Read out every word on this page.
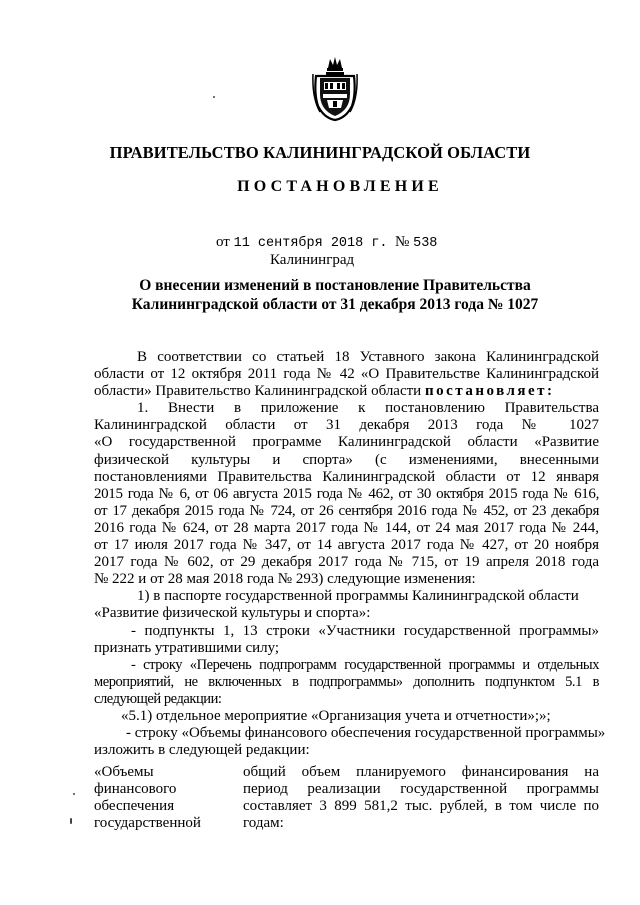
ПРАВИТЕЛЬСТВО КАЛИНИНГРАДСКОЙ ОБЛАСТИ
ПОСТАНОВЛЕНИЕ
от 11 сентября 2018 г. № 538
Калининград
О внесении изменений в постановление Правительства
Калининградской области от 31 декабря 2013 года № 1027
В соответствии со статьей 18 Уставного закона Калининградской
области от 12 октября 2011 года № 42 «О Правительстве Калининградской
области» Правительство Калининградской области постановляет:
1. Внести в приложение к постановлению Правительства
Калининградской области от 31 декабря 2013 года № 1027
«О государственной программе Калининградской области «Развитие
физической культуры и спорта» (с изменениями, внесенными
постановлениями Правительства Калининградской области от 12 января
2015 года № 6, от 06 августа 2015 года № 462, от 30 октября 2015 года № 616,
от 17 декабря 2015 года № 724, от 26 сентября 2016 года № 452, от 23 декабря
2016 года № 624, от 28 марта 2017 года № 144, от 24 мая 2017 года № 244,
от 17 июля 2017 года № 347, от 14 августа 2017 года № 427, от 20 ноября
2017 года № 602, от 29 декабря 2017 года № 715, от 19 апреля 2018 года
№ 222 и от 28 мая 2018 года № 293) следующие изменения:
1) в паспорте государственной программы Калининградской области
«Развитие физической культуры и спорта»:
- подпункты 1, 13 строки «Участники государственной программы»
признать утратившими силу;
- строку «Перечень подпрограмм государственной программы и отдельных
мероприятий, не включенных в подпрограммы» дополнить подпунктом 5.1 в
следующей редакции:
«5.1) отдельное мероприятие «Организация учета и отчетности»;»;
- строку «Объемы финансового обеспечения государственной программы»
изложить в следующей редакции:
«Объемы
финансового
обеспечения
государственной
общий объем планируемого финансирования на
период реализации государственной программы
составляет 3 899 581,2 тыс. рублей, в том числе по
годам:
